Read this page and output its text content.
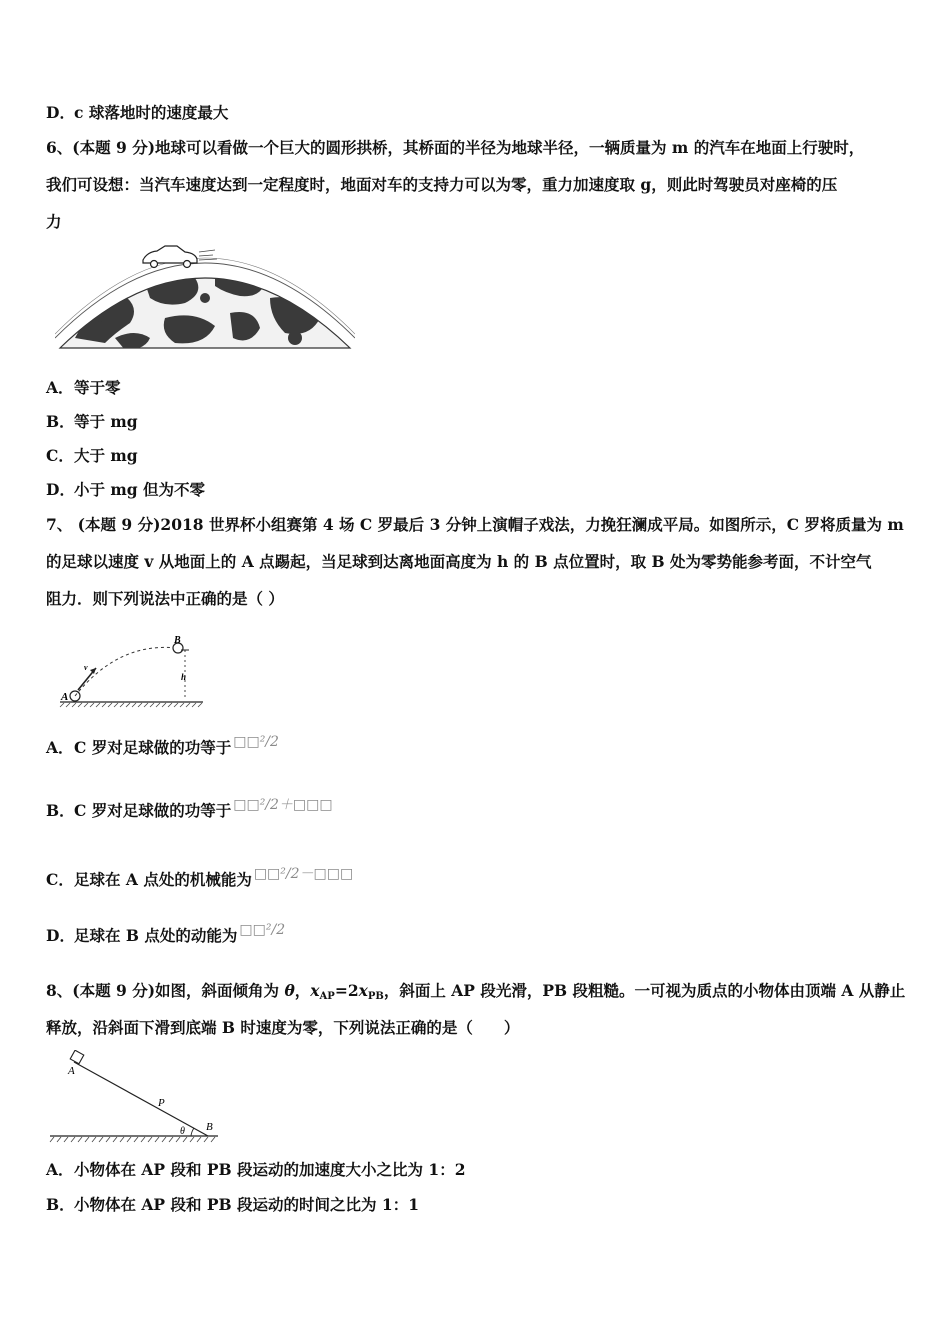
D．c 球落地时的速度最大
6、(本题 9 分)地球可以看做一个巨大的圆形拱桥，其桥面的半径为地球半径，一辆质量为 m 的汽车在地面上行驶时，
我们可设想：当汽车速度达到一定程度时，地面对车的支持力可以为零，重力加速度取 g，则此时驾驶员对座椅的压
力
A．等于零
B．等于 mg
C．大于 mg
D．小于 mg 但为不零
7、 (本题 9 分)2018 世界杯小组赛第 4 场 C 罗最后 3 分钟上演帽子戏法，力挽狂澜成平局。如图所示，C 罗将质量为 m
的足球以速度 v 从地面上的 A 点踢起，当足球到达离地面高度为 h 的 B 点位置时，取 B 处为零势能参考面，不计空气
阻力．则下列说法中正确的是（ ）
A
B
h
v
A．C 罗对足球做的功等于 □□²/2
B．C 罗对足球做的功等于 □□²/2＋□□□
C．足球在 A 点处的机械能为 □□²/2－□□□
D．足球在 B 点处的动能为 □□²/2
8、(本题 9 分)如图，斜面倾角为 θ，$x_{AP}=2x_{PB}$，斜面上 AP 段光滑，PB 段粗糙。一可视为质点的小物体由顶端 A 从静止
释放，沿斜面下滑到底端 B 时速度为零，下列说法正确的是（　　）
A
P
B
θ
A．小物体在 AP 段和 PB 段运动的加速度大小之比为 1：2
B．小物体在 AP 段和 PB 段运动的时间之比为 1：1
